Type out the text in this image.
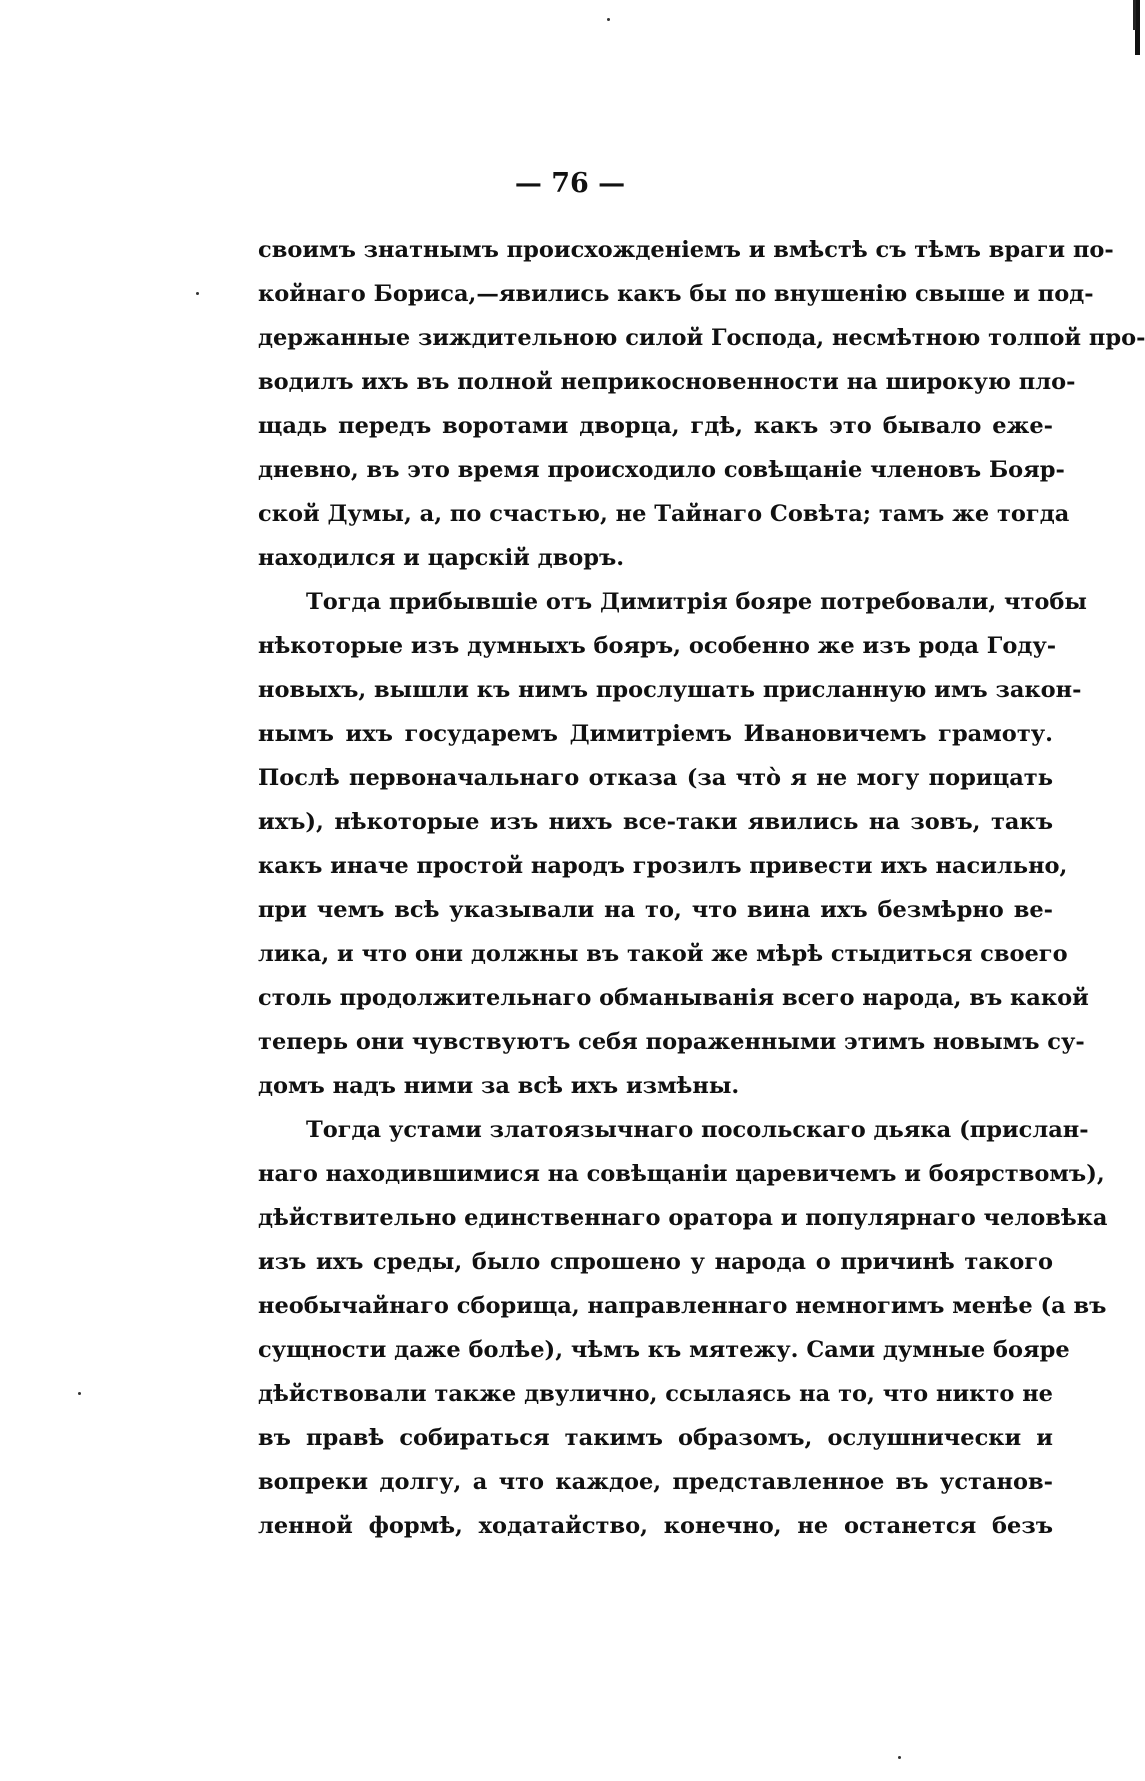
— 76 —
своимъ знатнымъ происхожденіемъ и вмѣстѣ съ тѣмъ враги по-
койнаго Бориса,—явились какъ бы по внушенію свыше и под-
держанные зиждительною силой Господа, несмѣтною толпой про-
водилъ ихъ въ полной неприкосновенности на широкую пло-
щадь передъ воротами дворца, гдѣ, какъ это бывало еже-
дневно, въ это время происходило совѣщаніе членовъ Бояр-
ской Думы, а, по счастью, не Тайнаго Совѣта; тамъ же тогда
находился и царскій дворъ.
Тогда прибывшіе отъ Димитрія бояре потребовали, чтобы
нѣкоторые изъ думныхъ бояръ, особенно же изъ рода Году-
новыхъ, вышли къ нимъ прослушать присланную имъ закон-
нымъ ихъ государемъ Димитріемъ Ивановичемъ грамоту.
Послѣ первоначальнаго отказа (за что̀ я не могу порицать
ихъ), нѣкоторые изъ нихъ все-таки явились на зовъ, такъ
какъ иначе простой народъ грозилъ привести ихъ насильно,
при чемъ всѣ указывали на то, что вина ихъ безмѣрно ве-
лика, и что они должны въ такой же мѣрѣ стыдиться своего
столь продолжительнаго обманыванія всего народа, въ какой
теперь они чувствуютъ себя пораженными этимъ новымъ су-
домъ надъ ними за всѣ ихъ измѣны.
Тогда устами златоязычнаго посольскаго дьяка (прислан-
наго находившимися на совѣщаніи царевичемъ и боярствомъ),
дѣйствительно единственнаго оратора и популярнаго человѣка
изъ ихъ среды, было спрошено у народа о причинѣ такого
необычайнаго сборища, направленнаго немногимъ менѣе (а въ
сущности даже болѣе), чѣмъ къ мятежу. Сами думные бояре
дѣйствовали также двулично, ссылаясь на то, что никто не
въ правѣ собираться такимъ образомъ, ослушнически и
вопреки долгу, а что каждое, представленное въ установ-
ленной формѣ, ходатайство, конечно, не останется безъ
